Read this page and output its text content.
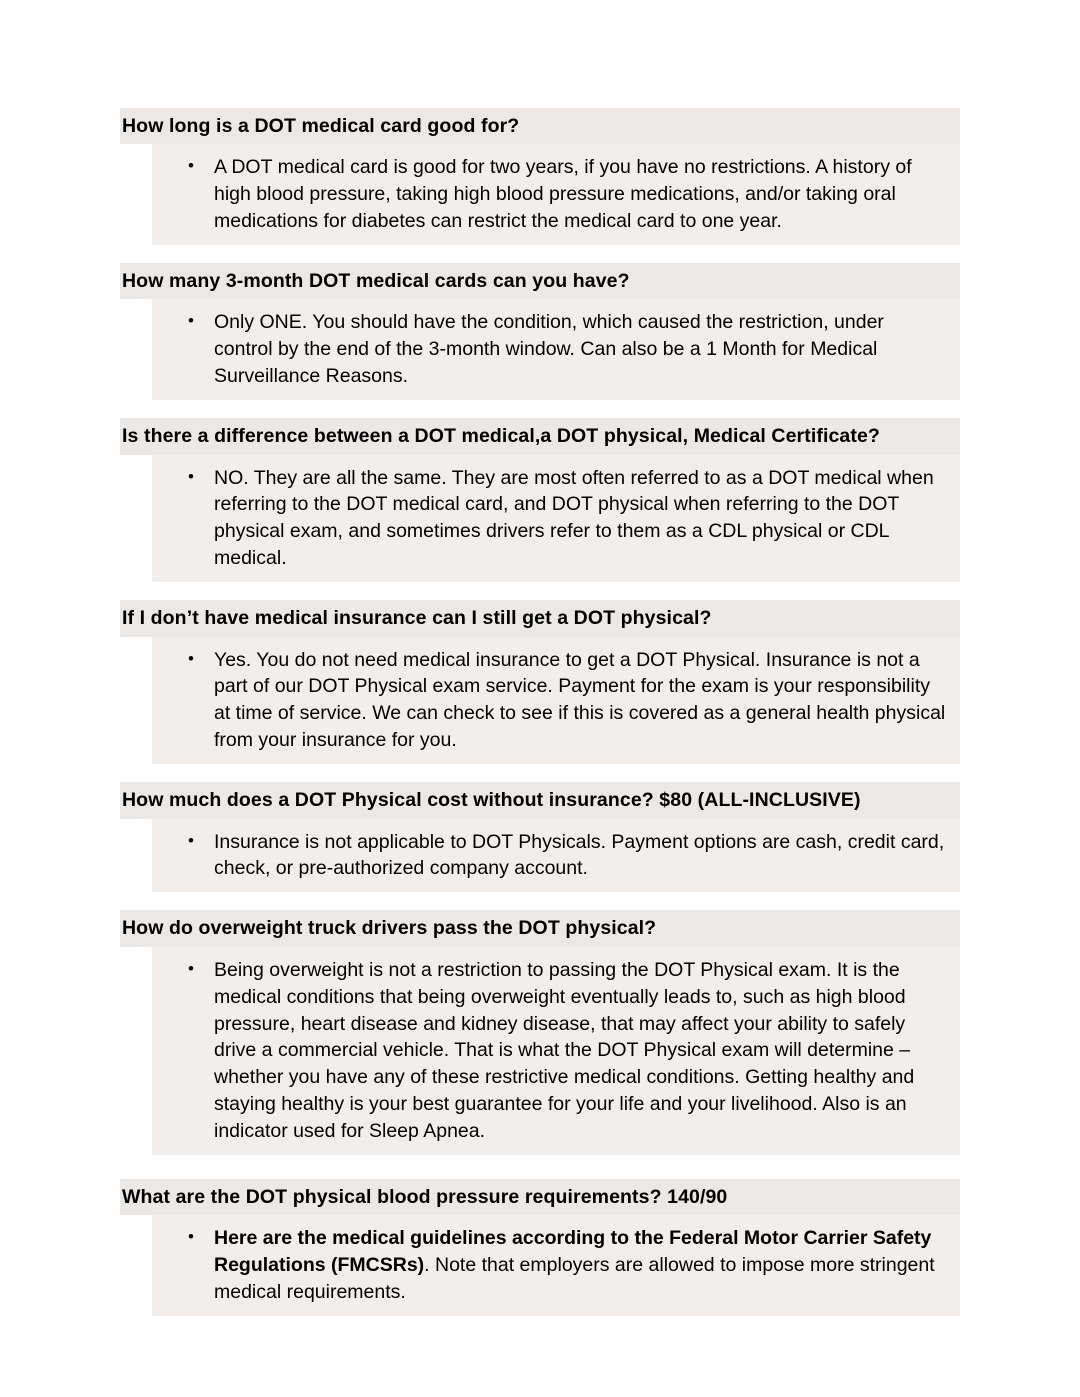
How long is a DOT medical card good for?
• A DOT medical card is good for two years, if you have no restrictions. A history of high blood pressure, taking high blood pressure medications, and/or taking oral medications for diabetes can restrict the medical card to one year.
How many 3-month DOT medical cards can you have?
• Only ONE. You should have the condition, which caused the restriction, under control by the end of the 3-month window. Can also be a 1 Month for Medical Surveillance Reasons.
Is there a difference between a DOT medical,a DOT physical, Medical Certificate?
• NO. They are all the same. They are most often referred to as a DOT medical when referring to the DOT medical card, and DOT physical when referring to the DOT physical exam, and sometimes drivers refer to them as a CDL physical or CDL medical.
If I don’t have medical insurance can I still get a DOT physical?
• Yes. You do not need medical insurance to get a DOT Physical. Insurance is not a part of our DOT Physical exam service. Payment for the exam is your responsibility at time of service. We can check to see if this is covered as a general health physical from your insurance for you.
How much does a DOT Physical cost without insurance? $80 (ALL-INCLUSIVE)
• Insurance is not applicable to DOT Physicals. Payment options are cash, credit card, check, or pre-authorized company account.
How do overweight truck drivers pass the DOT physical?
• Being overweight is not a restriction to passing the DOT Physical exam. It is the medical conditions that being overweight eventually leads to, such as high blood pressure, heart disease and kidney disease, that may affect your ability to safely drive a commercial vehicle. That is what the DOT Physical exam will determine – whether you have any of these restrictive medical conditions. Getting healthy and staying healthy is your best guarantee for your life and your livelihood. Also is an indicator used for Sleep Apnea.
What are the DOT physical blood pressure requirements? 140/90
• Here are the medical guidelines according to the Federal Motor Carrier Safety Regulations (FMCSRs). Note that employers are allowed to impose more stringent medical requirements.
